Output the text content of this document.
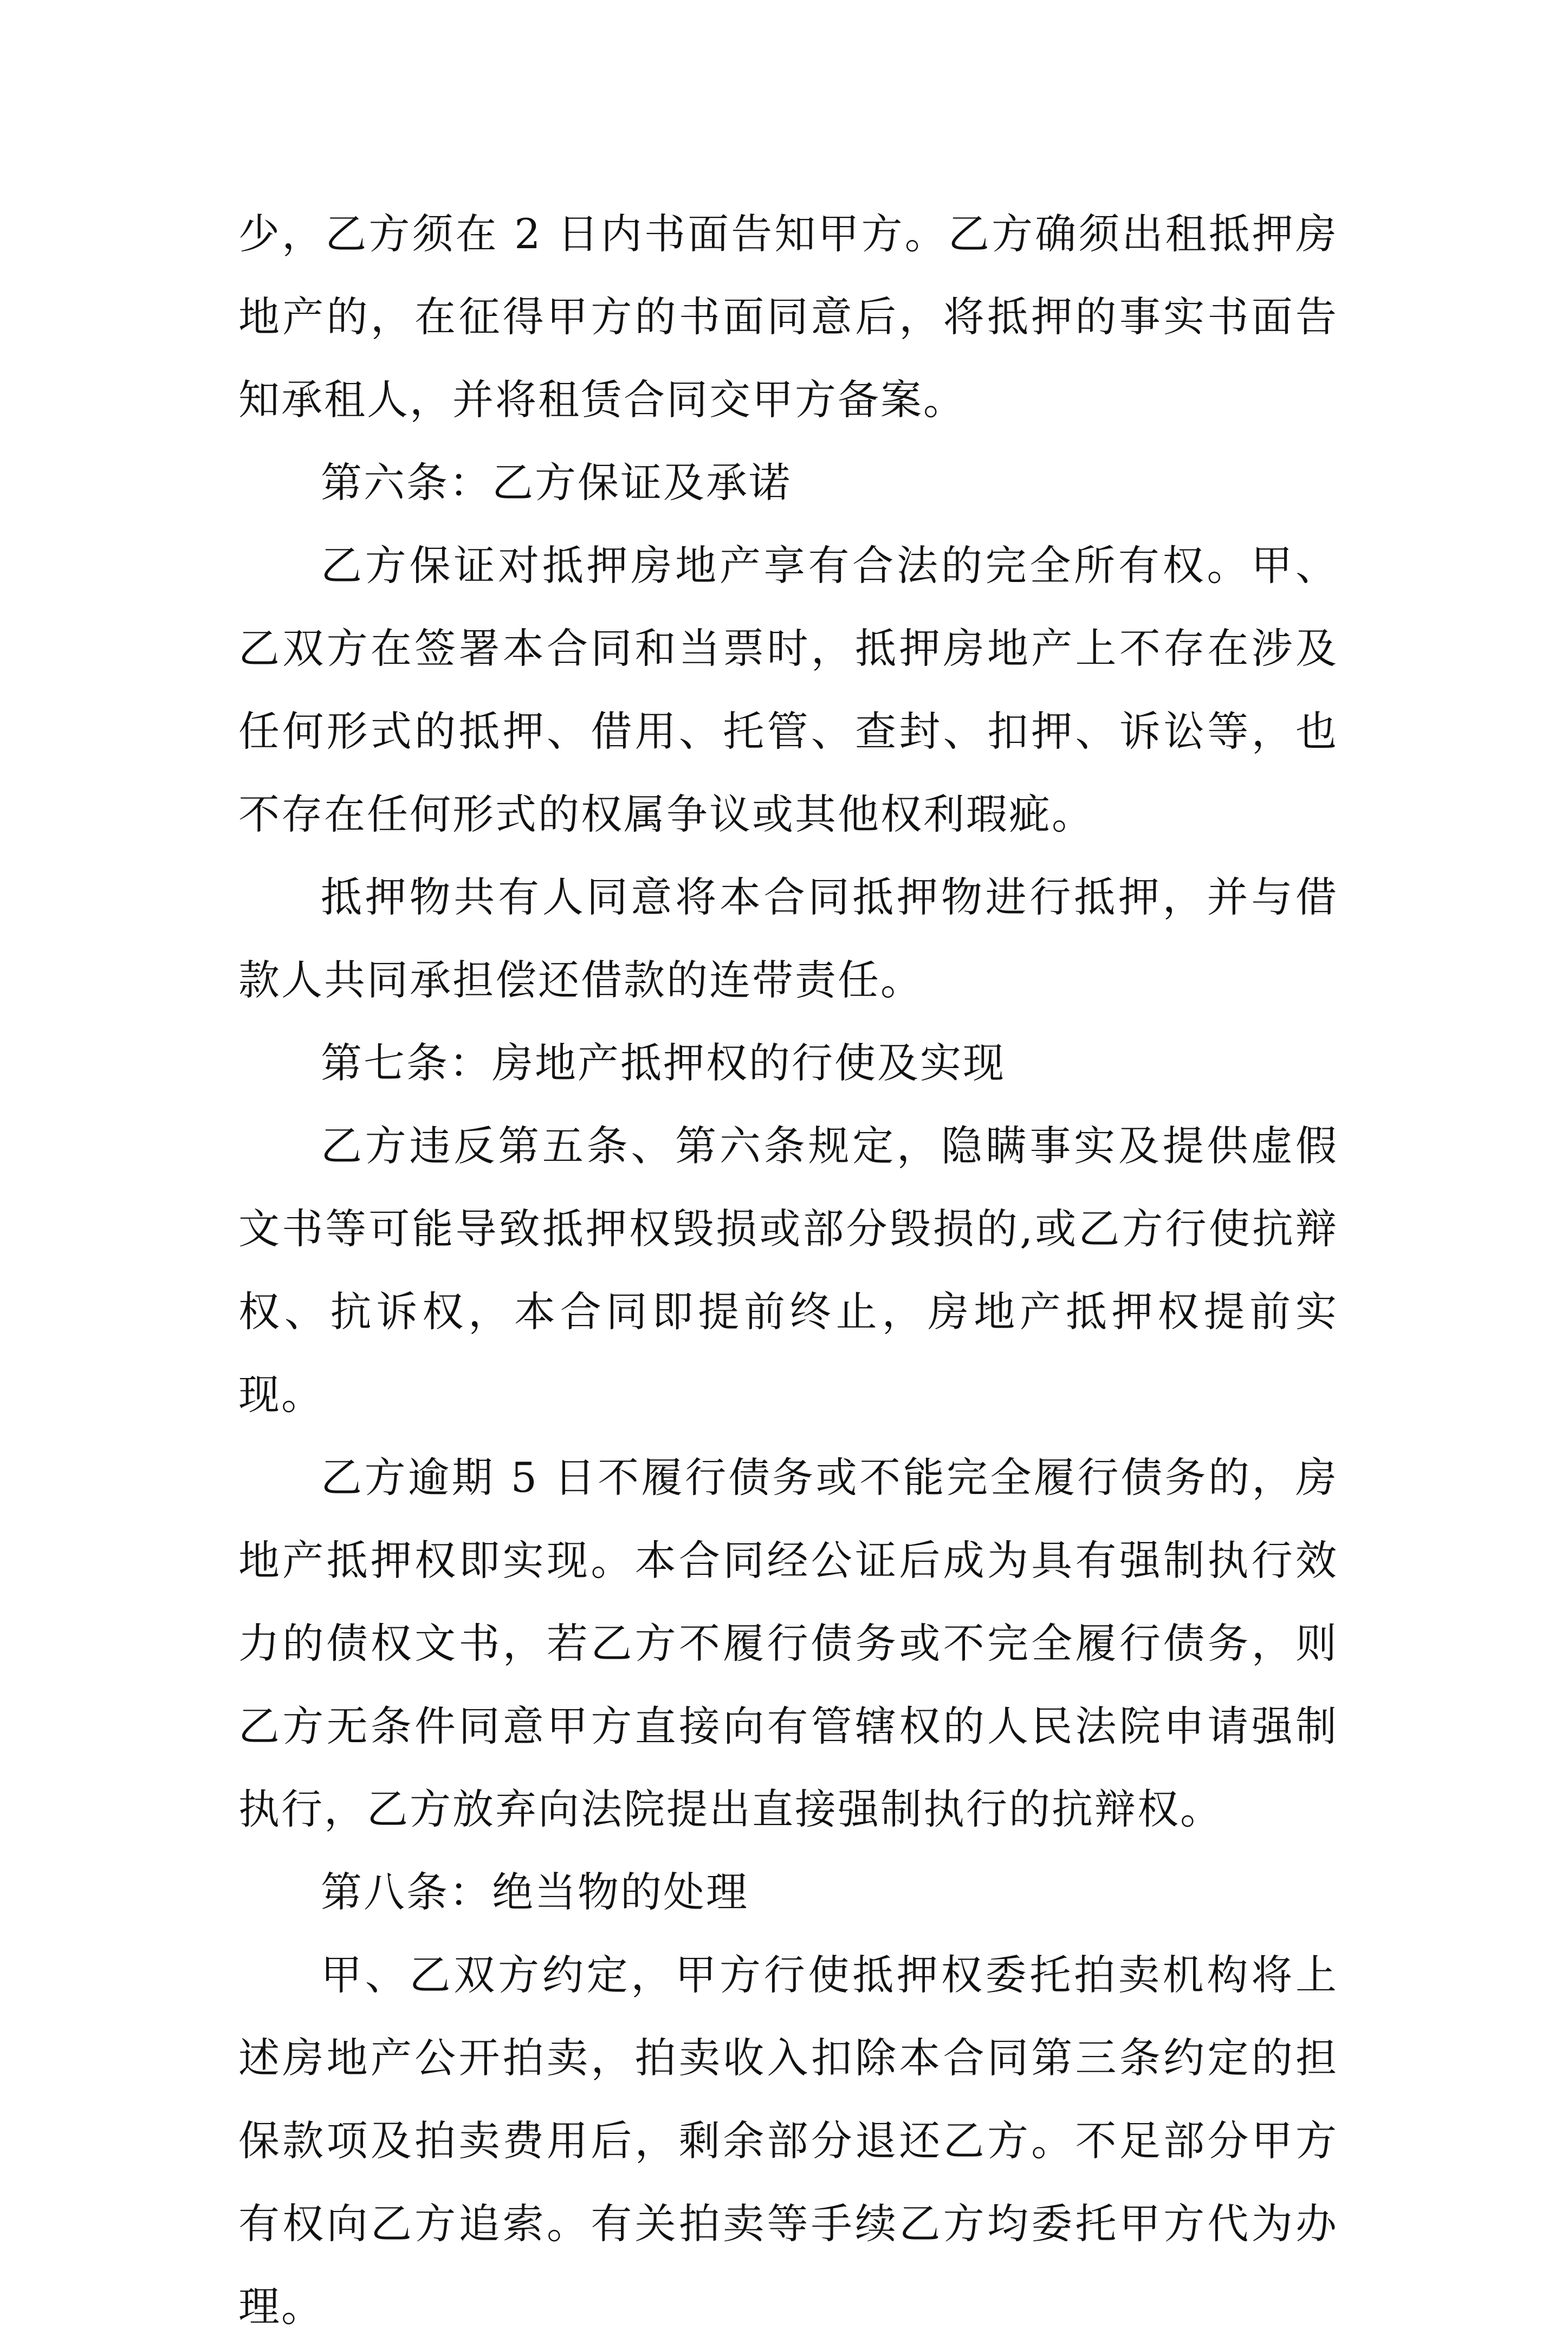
少，乙方须在 2 日内书面告知甲方。乙方确须出租抵押房地产的，在征得甲方的书面同意后，将抵押的事实书面告知承租人，并将租赁合同交甲方备案。

第六条：乙方保证及承诺

乙方保证对抵押房地产享有合法的完全所有权。甲、乙双方在签署本合同和当票时，抵押房地产上不存在涉及任何形式的抵押、借用、托管、查封、扣押、诉讼等，也不存在任何形式的权属争议或其他权利瑕疵。

抵押物共有人同意将本合同抵押物进行抵押，并与借款人共同承担偿还借款的连带责任。

第七条：房地产抵押权的行使及实现

乙方违反第五条、第六条规定，隐瞒事实及提供虚假文书等可能导致抵押权毁损或部分毁损的,或乙方行使抗辩权、抗诉权，本合同即提前终止，房地产抵押权提前实现。

乙方逾期 5 日不履行债务或不能完全履行债务的，房地产抵押权即实现。本合同经公证后成为具有强制执行效力的债权文书，若乙方不履行债务或不完全履行债务，则乙方无条件同意甲方直接向有管辖权的人民法院申请强制执行，乙方放弃向法院提出直接强制执行的抗辩权。

第八条：绝当物的处理

甲、乙双方约定，甲方行使抵押权委托拍卖机构将上述房地产公开拍卖，拍卖收入扣除本合同第三条约定的担保款项及拍卖费用后，剩余部分退还乙方。不足部分甲方有权向乙方追索。有关拍卖等手续乙方均委托甲方代为办理。
